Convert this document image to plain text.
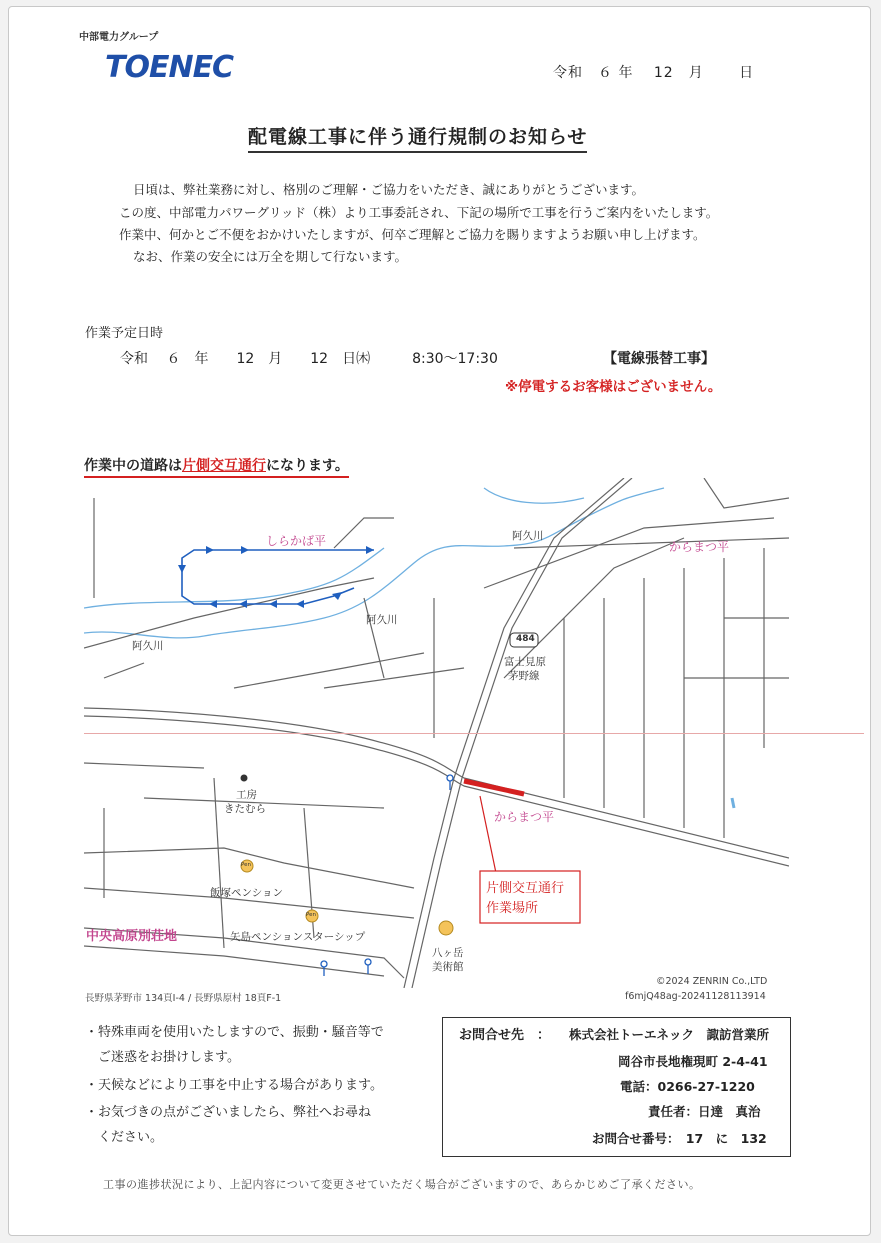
中部電力グループ
TOENEC	令和　６ 年　 12　月　　 日
配電線工事に伴う通行規制のお知らせ
日頃は、弊社業務に対し、格別のご理解・ご協力をいただき、誠にありがとうございます。
この度、中部電力パワーグリッド（株）より工事委託され、下記の場所で工事を行うご案内をいたします。
作業中、何かとご不便をおかけいたしますが、何卒ご理解とご協力を賜りますようお願い申し上げます。
なお、作業の安全には万全を期して行ないます。
作業予定日時
令和　 ６　年　　12　月　　12　日㈭　　　8:30～17:30	【電線張替工事】
※停電するお客様はございません。
作業中の道路は片側交互通行になります。
しらかば平	阿久川
阿久川
阿久川
からまつ平
からまつ平
484
富士見原
茅野線
工房
きたむら
飯塚ペンション
Pen
Pen
矢島ペンションスターシップ
中央高原別荘地
八ヶ岳
美術館
片側交互通行
作業場所
©2024 ZENRIN Co.,LTD
f6mjQ48ag-20241128113914
長野県茅野市 134頁I-4 / 長野県原村 18頁F-1
・特殊車両を使用いたしますので、振動・騒音等で
　ご迷惑をお掛けします。
・天候などにより工事を中止する場合があります。
・お気づきの点がございましたら、弊社へお尋ね
　ください。
お問合せ先　： 株式会社トーエネック　諏訪営業所
岡谷市長地権現町 2-4-41
電話：0266-27-1220
責任者：日達　真治
お問合せ番号：　17　に　132
工事の進捗状況により、上記内容について変更させていただく場合がございますので、あらかじめご了承ください。
